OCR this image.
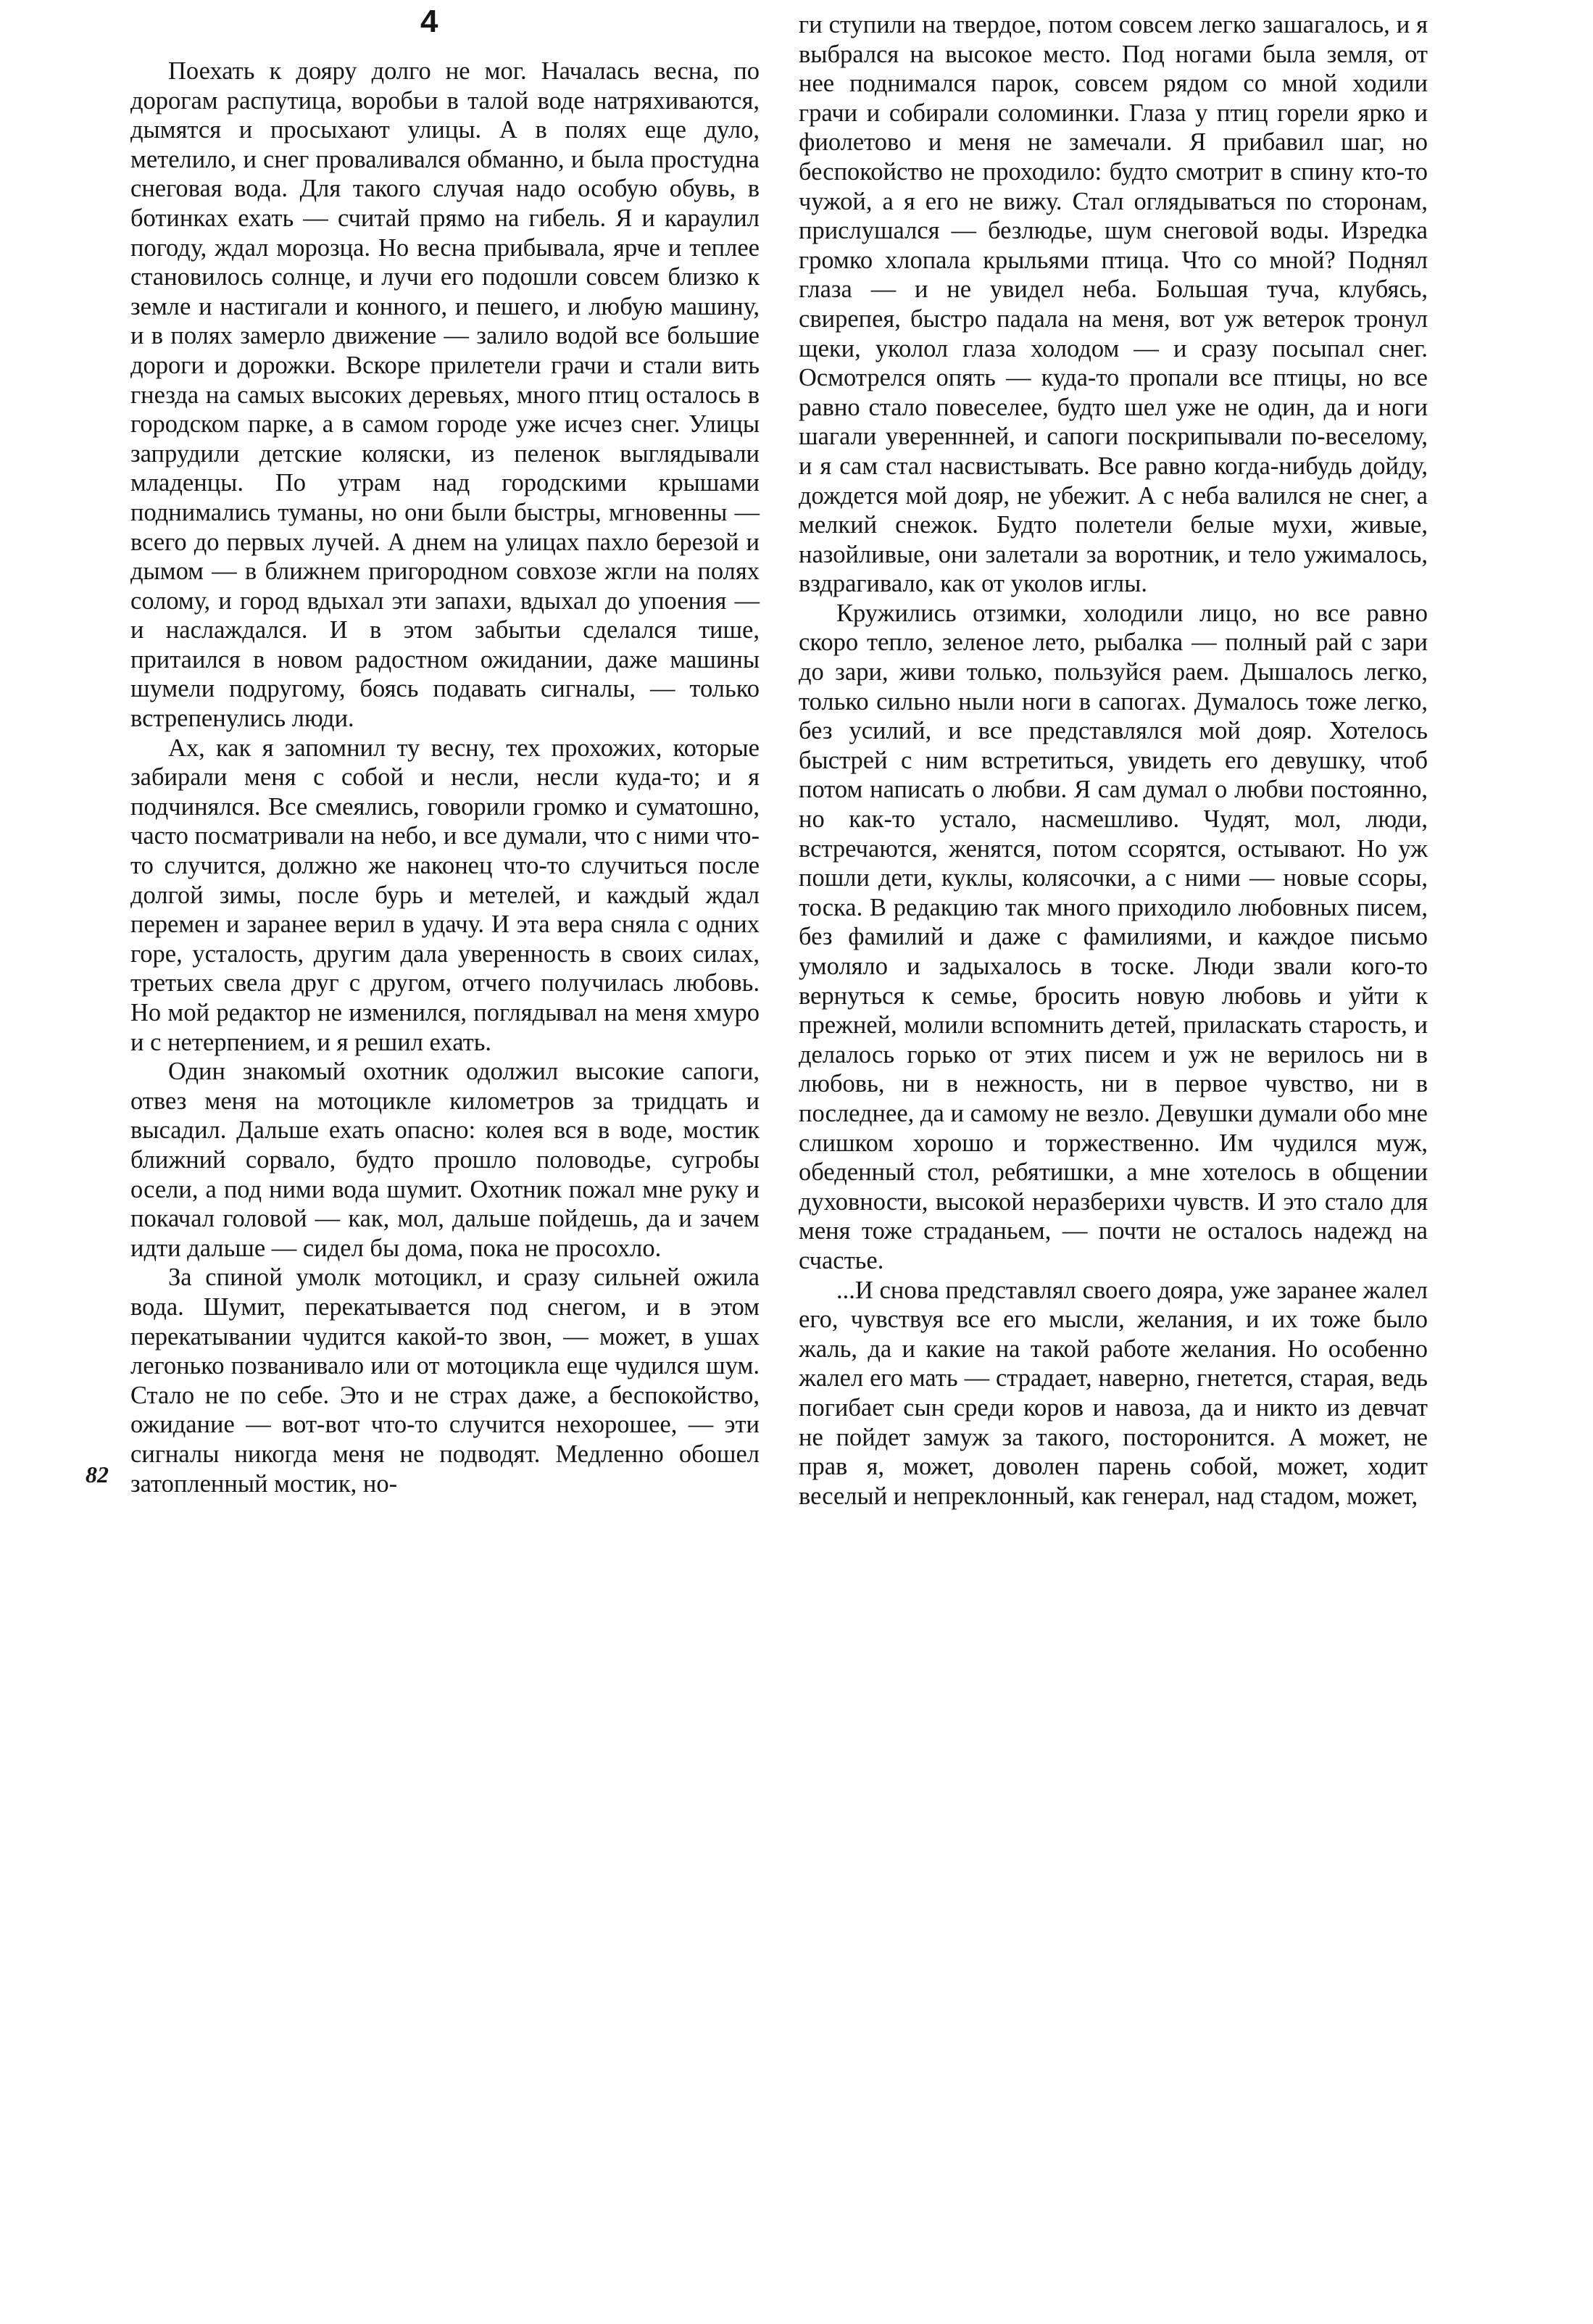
4

Поехать к дояру долго не мог. Началась весна, по дорогам распутица, воробьи в талой воде натряхиваются, дымятся и просыхают улицы. А в полях еще дуло, метелило, и снег проваливался обманно, и была простудна снеговая вода. Для такого случая надо особую обувь, в ботинках ехать — считай прямо на гибель. Я и караулил погоду, ждал морозца. Но весна прибывала, ярче и теплее становилось солнце, и лучи его подошли совсем близко к земле и настигали и конного, и пешего, и любую машину, и в полях замерло движение — залило водой все большие дороги и дорожки. Вскоре прилетели грачи и стали вить гнезда на самых высоких деревьях, много птиц осталось в городском парке, а в самом городе уже исчез снег. Улицы запрудили детские коляски, из пеленок выглядывали младенцы. По утрам над городскими крышами поднимались туманы, но они были быстры, мгновенны — всего до первых лучей. А днем на улицах пахло березой и дымом — в ближнем пригородном совхозе жгли на полях солому, и город вдыхал эти запахи, вдыхал до упоения — и наслаждался. И в этом забытьи сделался тише, притаился в новом радостном ожидании, даже машины шумели подругому, боясь подавать сигналы, — только встрепенулись люди.

Ах, как я запомнил ту весну, тех прохожих, которые забирали меня с собой и несли, несли куда-то; и я подчинялся. Все смеялись, говорили громко и суматошно, часто посматривали на небо, и все думали, что с ними что-то случится, должно же наконец что-то случиться после долгой зимы, после бурь и метелей, и каждый ждал перемен и заранее верил в удачу. И эта вера сняла с одних горе, усталость, другим дала уверенность в своих силах, третьих свела друг с другом, отчего получилась любовь. Но мой редактор не изменился, поглядывал на меня хмуро и с нетерпением, и я решил ехать.

Один знакомый охотник одолжил высокие сапоги, отвез меня на мотоцикле километров за тридцать и высадил. Дальше ехать опасно: колея вся в воде, мостик ближний сорвало, будто прошло половодье, сугробы осели, а под ними вода шумит. Охотник пожал мне руку и покачал головой — как, мол, дальше пойдешь, да и зачем идти дальше — сидел бы дома, пока не просохло.

За спиной умолк мотоцикл, и сразу сильней ожила вода. Шумит, перекатывается под снегом, и в этом перекатывании чудится какой-то звон, — может, в ушах легонько позванивало или от мотоцикла еще чудился шум. Стало не по себе. Это и не страх даже, а беспокойство, ожидание — вот-вот что-то случится нехорошее, — эти сигналы никогда меня не подводят. Медленно обошел затопленный мостик, но-

ги ступили на твердое, потом совсем легко зашагалось, и я выбрался на высокое место. Под ногами была земля, от нее поднимался парок, совсем рядом со мной ходили грачи и собирали соломинки. Глаза у птиц горели ярко и фиолетово и меня не замечали. Я прибавил шаг, но беспокойство не проходило: будто смотрит в спину кто-то чужой, а я его не вижу. Стал оглядываться по сторонам, прислушался — безлюдье, шум снеговой воды. Изредка громко хлопала крыльями птица. Что со мной? Поднял глаза — и не увидел неба. Большая туча, клубясь, свирепея, быстро падала на меня, вот уж ветерок тронул щеки, уколол глаза холодом — и сразу посыпал снег. Осмотрелся опять — куда-то пропали все птицы, но все равно стало повеселее, будто шел уже не один, да и ноги шагали увереннней, и сапоги поскрипывали по-веселому, и я сам стал насвистывать. Все равно когда-нибудь дойду, дождется мой дояр, не убежит. А с неба валился не снег, а мелкий снежок. Будто полетели белые мухи, живые, назойливые, они залетали за воротник, и тело ужималось, вздрагивало, как от уколов иглы.

Кружились отзимки, холодили лицо, но все равно скоро тепло, зеленое лето, рыбалка — полный рай с зари до зари, живи только, пользуйся раем. Дышалось легко, только сильно ныли ноги в сапогах. Думалось тоже легко, без усилий, и все представлялся мой дояр. Хотелось быстрей с ним встретиться, увидеть его девушку, чтоб потом написать о любви. Я сам думал о любви постоянно, но как-то устало, насмешливо. Чудят, мол, люди, встречаются, женятся, потом ссорятся, остывают. Но уж пошли дети, куклы, колясочки, а с ними — новые ссоры, тоска. В редакцию так много приходило любовных писем, без фамилий и даже с фамилиями, и каждое письмо умоляло и задыхалось в тоске. Люди звали кого-то вернуться к семье, бросить новую любовь и уйти к прежней, молили вспомнить детей, приласкать старость, и делалось горько от этих писем и уж не верилось ни в любовь, ни в нежность, ни в первое чувство, ни в последнее, да и самому не везло. Девушки думали обо мне слишком хорошо и торжественно. Им чудился муж, обеденный стол, ребятишки, а мне хотелось в общении духовности, высокой неразберихи чувств. И это стало для меня тоже страданьем, — почти не осталось надежд на счастье.

...И снова представлял своего дояра, уже заранее жалел его, чувствуя все его мысли, желания, и их тоже было жаль, да и какие на такой работе желания. Но особенно жалел его мать — страдает, наверно, гнетется, старая, ведь погибает сын среди коров и навоза, да и никто из девчат не пойдет замуж за такого, посторонится. А может, не прав я, может, доволен парень собой, может, ходит веселый и непреклонный, как генерал, над стадом, может,

82
